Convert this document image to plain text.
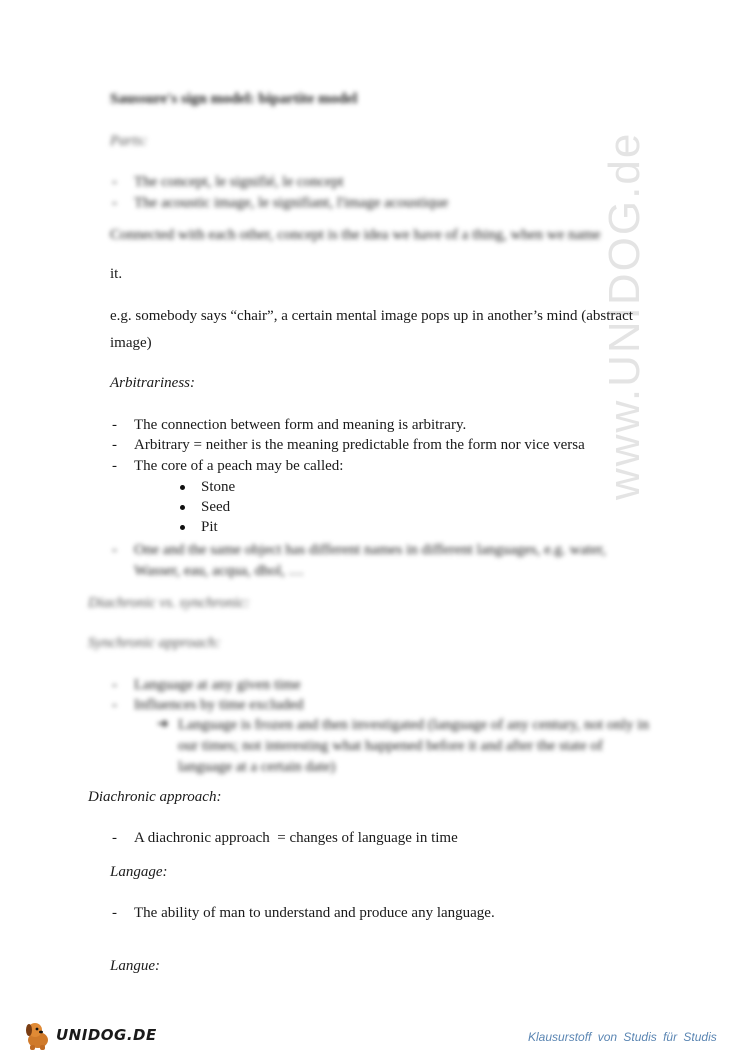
www.UNIDOG.de
Saussure's sign model: bipartite model
Parts:
- The concept, le signifié, le concept
- The acoustic image, le signifiant, l'image acoustique
Connected with each other, concept is the idea we have of a thing, when we name
it.
e.g. somebody says “chair”, a certain mental image pops up in another’s mind (abstract
image)
Arbitrariness:
- The connection between form and meaning is arbitrary.
- Arbitrary = neither is the meaning predictable from the form nor vice versa
- The core of a peach may be called:
Stone
Seed
Pit
- One and the same object has different names in different languages, e.g. water,
Wasser, eau, acqua, dhol, …
Diachronic vs. synchronic:
Synchronic approach:
- Language at any given time
- Influences by time excluded
➜ Language is frozen and then investigated (language of any century, not only in
our times; not interesting what happened before it and after the state of
language at a certain date)
Diachronic approach:
- A diachronic approach  = changes of language in time
Langage:
- The ability of man to understand and produce any language.
Langue:
UNIDOG.DE	Klausurstoff von Studis für Studis
